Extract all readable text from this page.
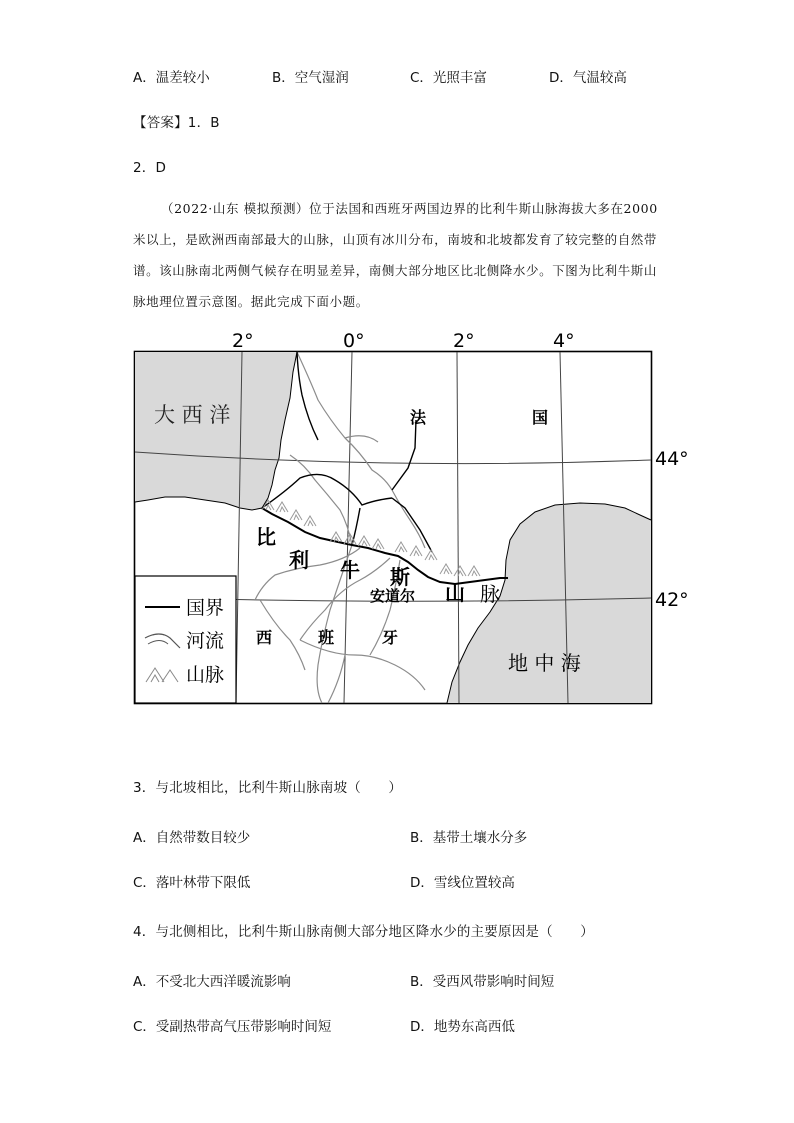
A．温差较小	B．空气湿润	C．光照丰富	D．气温较高
【答案】1．B
2．D
（2022·山东 模拟预测）位于法国和西班牙两国边界的比利牛斯山脉海拔大多在2000 米以上，是欧洲西南部最大的山脉，山顶有冰川分布，南坡和北坡都发育了较完整的自然带谱。该山脉南北两侧气候存在明显差异，南侧大部分地区比北侧降水少。下图为比利牛斯山脉地理位置示意图。据此完成下面小题。
2°	0°	2°	4°
44°
42°
大 西 洋	法	国
比
利 牛 斯
山 脉
安道尔
西	班	牙
地 中 海
国界
河流
山脉
3．与北坡相比，比利牛斯山脉南坡（　　）
A．自然带数目较少	B．基带土壤水分多
C．落叶林带下限低	D．雪线位置较高
4．与北侧相比，比利牛斯山脉南侧大部分地区降水少的主要原因是（　　）
A．不受北大西洋暖流影响	B．受西风带影响时间短
C．受副热带高气压带影响时间短	D．地势东高西低
